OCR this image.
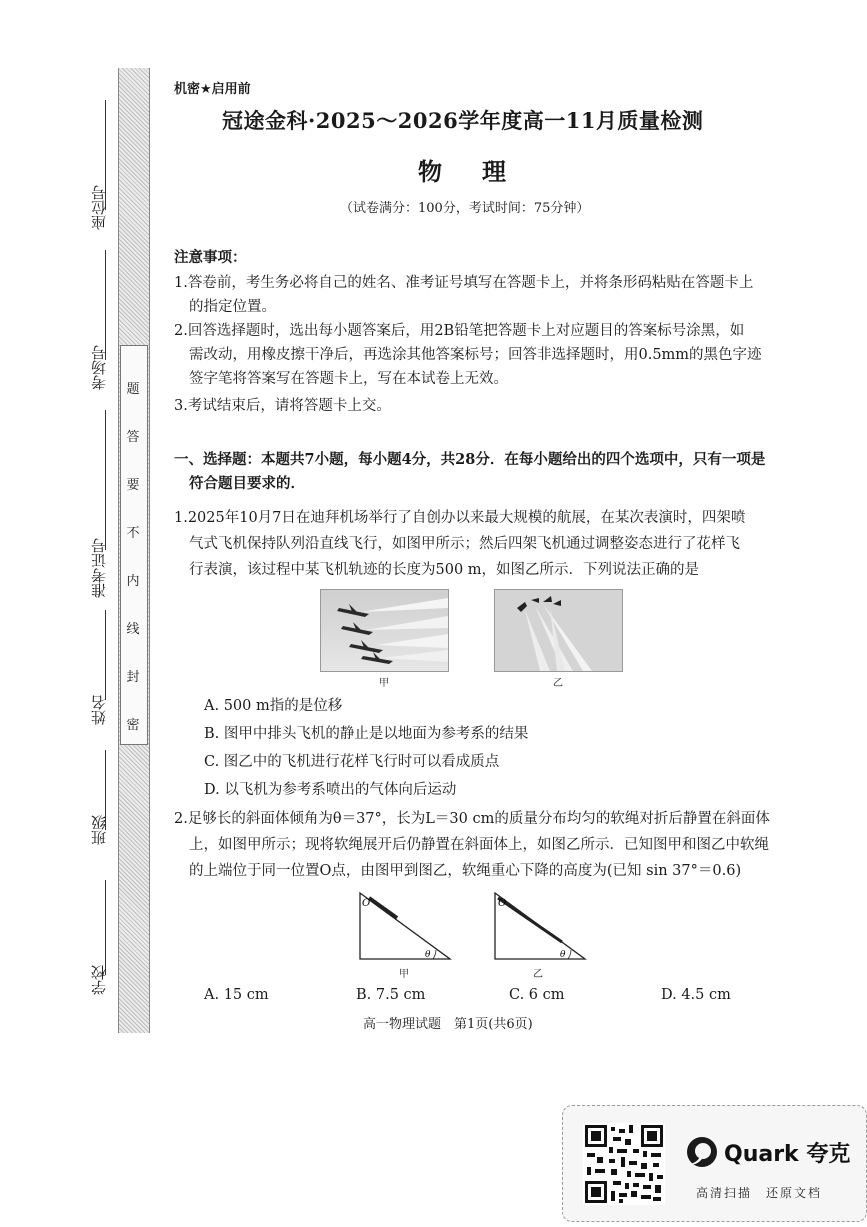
题
答
要
不
内
线
封
密
座位号
考场号
准考证号
姓名
班级
学校
机密★启用前
冠途金科·2025～2026学年度高一11月质量检测
物理
（试卷满分：100分，考试时间：75分钟）
注意事项：
1.答卷前，考生务必将自己的姓名、准考证号填写在答题卡上，并将条形码粘贴在答题卡上
的指定位置。
2.回答选择题时，选出每小题答案后，用2B铅笔把答题卡上对应题目的答案标号涂黑，如
需改动，用橡皮擦干净后，再选涂其他答案标号；回答非选择题时，用0.5mm的黑色字迹
签字笔将答案写在答题卡上，写在本试卷上无效。
3.考试结束后，请将答题卡上交。
一、选择题：本题共7小题，每小题4分，共28分．在每小题给出的四个选项中，只有一项是
符合题目要求的．
1.2025年10月7日在迪拜机场举行了自创办以来最大规模的航展，在某次表演时，四架喷
气式飞机保持队列沿直线飞行，如图甲所示；然后四架飞机通过调整姿态进行了花样飞
行表演，该过程中某飞机轨迹的长度为500 m，如图乙所示．下列说法正确的是
甲	乙
A. 500 m指的是位移
B. 图甲中排头飞机的静止是以地面为参考系的结果
C. 图乙中的飞机进行花样飞行时可以看成质点
D. 以飞机为参考系喷出的气体向后运动
2.足够长的斜面体倾角为θ＝37°，长为L＝30 cm的质量分布均匀的软绳对折后静置在斜面体
上，如图甲所示；现将软绳展开后仍静置在斜面体上，如图乙所示．已知图甲和图乙中软绳
的上端位于同一位置O点，由图甲到图乙，软绳重心下降的高度为(已知 sin 37°＝0.6)
O
θ
甲
O
θ
乙
A. 15 cm	B. 7.5 cm	C. 6 cm	D. 4.5 cm
高一物理试题　第1页(共6页)
Quark 夸克
高清扫描　还原文档
